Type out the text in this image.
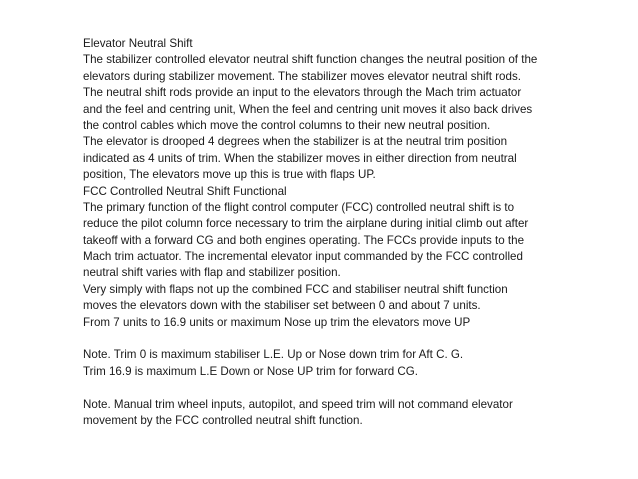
Elevator Neutral Shift
The stabilizer controlled elevator neutral shift function changes the neutral position of the
elevators during stabilizer movement. The stabilizer moves elevator neutral shift rods.
The neutral shift rods provide an input to the elevators through the Mach trim actuator
and the feel and centring unit, When the feel and centring unit moves it also back drives
the control cables which move the control columns to their new neutral position.
The elevator is drooped 4 degrees when the stabilizer is at the neutral trim position
indicated as 4 units of trim. When the stabilizer moves in either direction from neutral
position, The elevators move up this is true with flaps UP.
FCC Controlled Neutral Shift Functional
The primary function of the flight control computer (FCC) controlled neutral shift is to
reduce the pilot column force necessary to trim the airplane during initial climb out after
takeoff with a forward CG and both engines operating. The FCCs provide inputs to the
Mach trim actuator. The incremental elevator input commanded by the FCC controlled
neutral shift varies with flap and stabilizer position.
Very simply with flaps not up the combined FCC and stabiliser neutral shift function
moves the elevators down with the stabiliser set between 0 and about 7 units.
From 7 units to 16.9 units or maximum Nose up trim the elevators move UP
Note. Trim 0 is maximum stabiliser L.E. Up or Nose down trim for Aft C. G.
Trim 16.9 is maximum L.E Down or Nose UP trim for forward CG.
Note. Manual trim wheel inputs, autopilot, and speed trim will not command elevator
movement by the FCC controlled neutral shift function.
